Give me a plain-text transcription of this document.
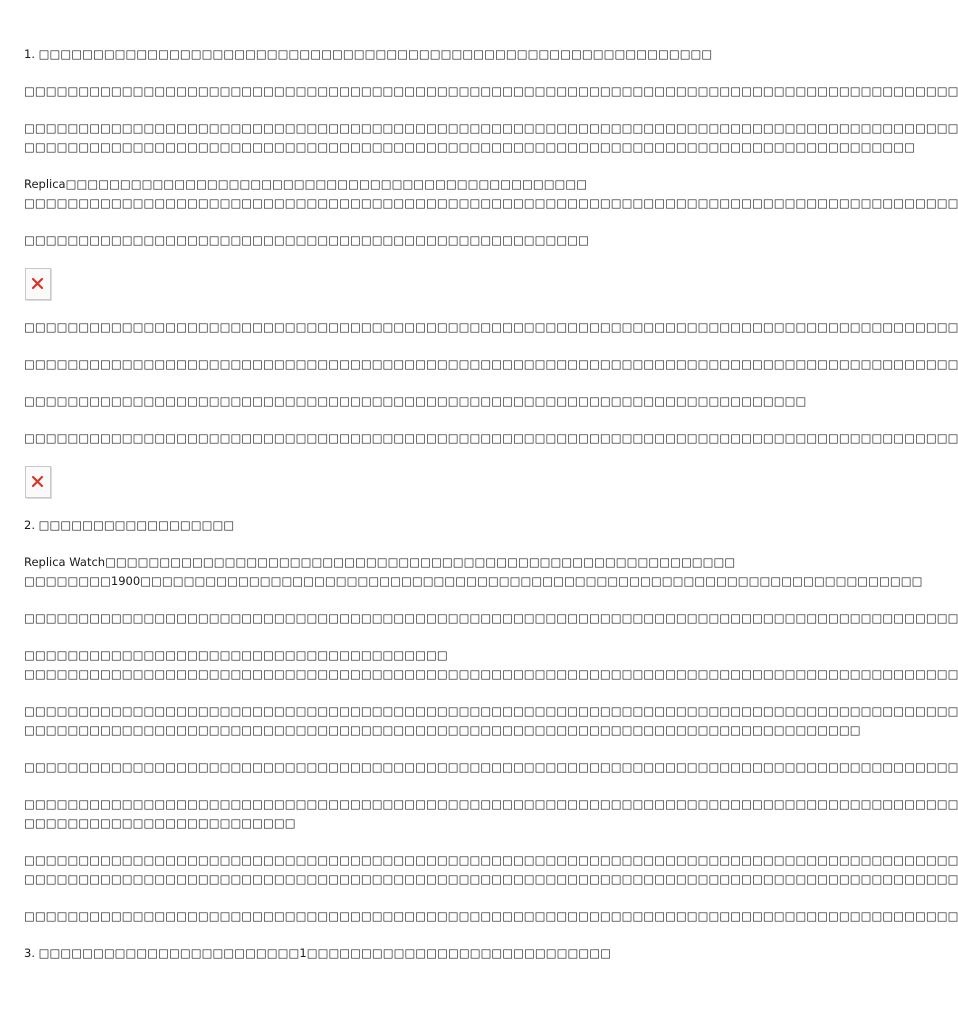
1. □□□□□□□□□□□□□□□□□□□□□□□□□□□□□□□□□□□□□□□□□□□□□□□□□□□□□□□□□□□□□□

□□□□□□□□□□□□□□□□□□□□□□□□□□□□□□□□□□□□□□□□□□□□□□□□□□□□□□□□□□□□□□□□□□□□□□□□□□□□□□□□□□□□□□

□□□□□□□□□□□□□□□□□□□□□□□□□□□□□□□□□□□□□□□□□□□□□□□□□□□□□□□□□□□□□□□□□□□□□□□□□□□□□□□□□□□□□□
□□□□□□□□□□□□□□□□□□□□□□□□□□□□□□□□□□□□□□□□□□□□□□□□□□□□□□□□□□□□□□□□□□□□□□□□□□□□□□□□□□

Replica□□□□□□□□□□□□□□□□□□□□□□□□□□□□□□□□□□□□□□□□□□□□□□□□
□□□□□□□□□□□□□□□□□□□□□□□□□□□□□□□□□□□□□□□□□□□□□□□□□□□□□□□□□□□□□□□□□□□□□□□□□□□□□□□□□□□□□□

□□□□□□□□□□□□□□□□□□□□□□□□□□□□□□□□□□□□□□□□□□□□□□□□□□□□

□□□□□□□□□□□□□□□□□□□□□□□□□□□□□□□□□□□□□□□□□□□□□□□□□□□□□□□□□□□□□□□□□□□□□□□□□□□□□□□□□□□□□□

□□□□□□□□□□□□□□□□□□□□□□□□□□□□□□□□□□□□□□□□□□□□□□□□□□□□□□□□□□□□□□□□□□□□□□□□□□□□□□□□□□□□□□

□□□□□□□□□□□□□□□□□□□□□□□□□□□□□□□□□□□□□□□□□□□□□□□□□□□□□□□□□□□□□□□□□□□□□□□□

□□□□□□□□□□□□□□□□□□□□□□□□□□□□□□□□□□□□□□□□□□□□□□□□□□□□□□□□□□□□□□□□□□□□□□□□□□□□□□□□□□□□□□

2. □□□□□□□□□□□□□□□□□□

Replica Watch□□□□□□□□□□□□□□□□□□□□□□□□□□□□□□□□□□□□□□□□□□□□□□□□□□□□□□□□□□
□□□□□□□□1900□□□□□□□□□□□□□□□□□□□□□□□□□□□□□□□□□□□□□□□□□□□□□□□□□□□□□□□□□□□□□□□□□□□□□□□□

□□□□□□□□□□□□□□□□□□□□□□□□□□□□□□□□□□□□□□□□□□□□□□□□□□□□□□□□□□□□□□□□□□□□□□□□□□□□□□□□□□□□□□

□□□□□□□□□□□□□□□□□□□□□□□□□□□□□□□□□□□□□□□
□□□□□□□□□□□□□□□□□□□□□□□□□□□□□□□□□□□□□□□□□□□□□□□□□□□□□□□□□□□□□□□□□□□□□□□□□□□□□□□□□□□□□□

□□□□□□□□□□□□□□□□□□□□□□□□□□□□□□□□□□□□□□□□□□□□□□□□□□□□□□□□□□□□□□□□□□□□□□□□□□□□□□□□□□□□□□
□□□□□□□□□□□□□□□□□□□□□□□□□□□□□□□□□□□□□□□□□□□□□□□□□□□□□□□□□□□□□□□□□□□□□□□□□□□□□

□□□□□□□□□□□□□□□□□□□□□□□□□□□□□□□□□□□□□□□□□□□□□□□□□□□□□□□□□□□□□□□□□□□□□□□□□□□□□□□□□□□□□□

□□□□□□□□□□□□□□□□□□□□□□□□□□□□□□□□□□□□□□□□□□□□□□□□□□□□□□□□□□□□□□□□□□□□□□□□□□□□□□□□□□□□□□
□□□□□□□□□□□□□□□□□□□□□□□□□

□□□□□□□□□□□□□□□□□□□□□□□□□□□□□□□□□□□□□□□□□□□□□□□□□□□□□□□□□□□□□□□□□□□□□□□□□□□□□□□□□□□□□□
□□□□□□□□□□□□□□□□□□□□□□□□□□□□□□□□□□□□□□□□□□□□□□□□□□□□□□□□□□□□□□□□□□□□□□□□□□□□□□□□□□□□□□

□□□□□□□□□□□□□□□□□□□□□□□□□□□□□□□□□□□□□□□□□□□□□□□□□□□□□□□□□□□□□□□□□□□□□□□□□□□□□□□□□□□□□□

3. □□□□□□□□□□□□□□□□□□□□□□□□1□□□□□□□□□□□□□□□□□□□□□□□□□□□□
